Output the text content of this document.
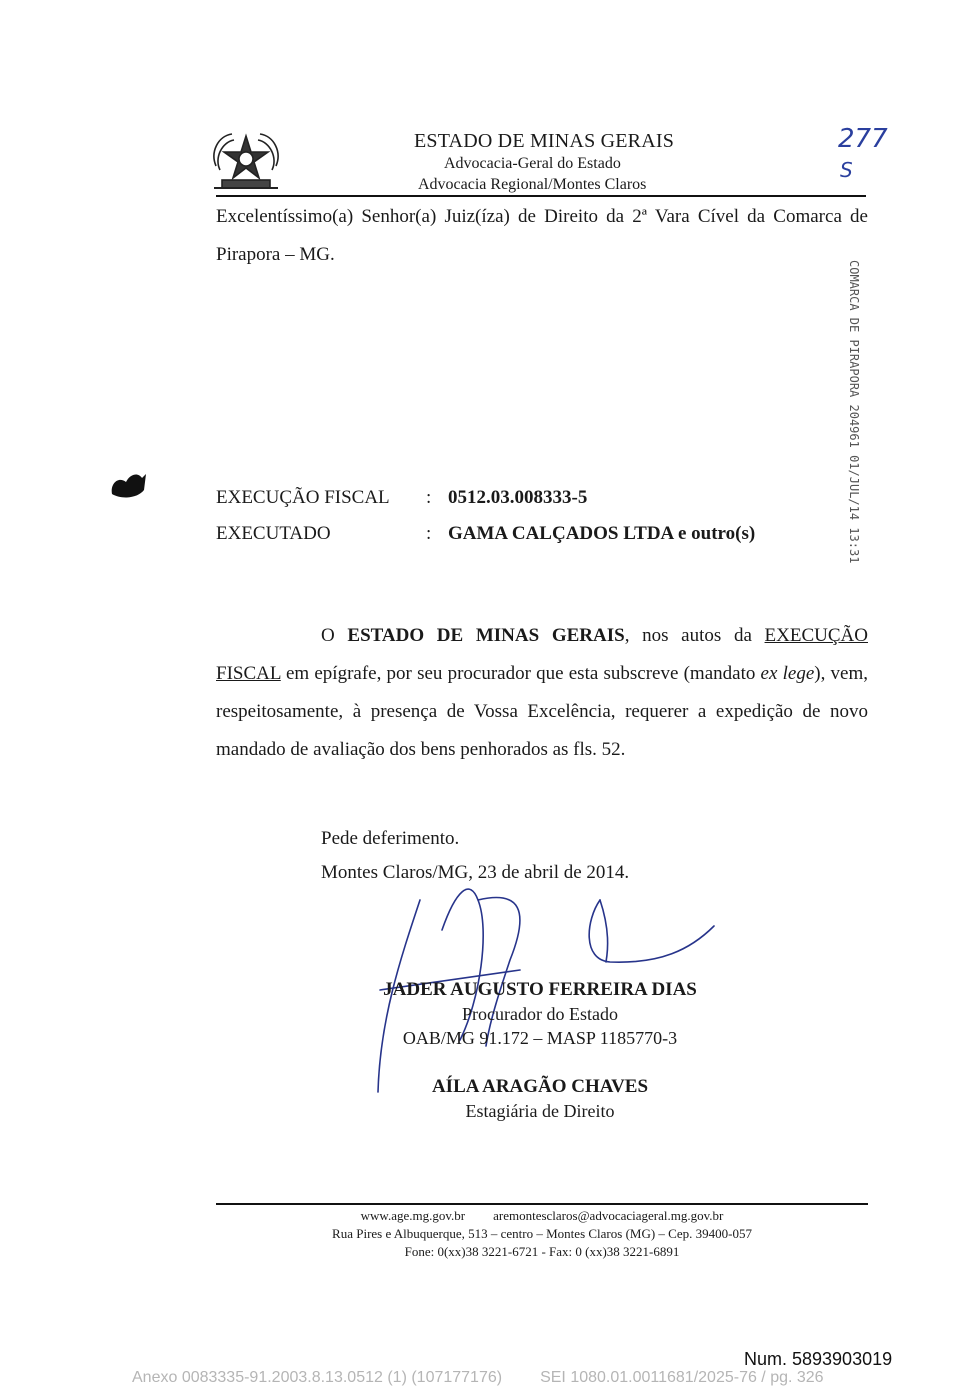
ESTADO DE MINAS GERAIS
Advocacia-Geral do Estado
Advocacia Regional/Montes Claros
277
S
Excelentíssimo(a) Senhor(a) Juiz(íza) de Direito da 2ª Vara Cível da Comarca de Pirapora – MG.
EXECUÇÃO FISCAL : 0512.03.008333-5
EXECUTADO	: GAMA CALÇADOS LTDA e outro(s)
O ESTADO DE MINAS GERAIS, nos autos da EXECUÇÃO FISCAL em epígrafe, por seu procurador que esta subscreve (mandato ex lege), vem, respeitosamente, à presença de Vossa Excelência, requerer a expedição de novo mandado de avaliação dos bens penhorados as fls. 52.
Pede deferimento.
Montes Claros/MG, 23 de abril de 2014.
JADER AUGUSTO FERREIRA DIAS
Procurador do Estado
OAB/MG 91.172 – MASP 1185770-3
AÍLA ARAGÃO CHAVES
Estagiária de Direito
COMARCA DE PIRAPORA 204961 01/JUL/14 13:31
www.age.mg.gov.br aremontesclaros@advocaciageral.mg.gov.br
Rua Pires e Albuquerque, 513 – centro – Montes Claros (MG) – Cep. 39400-057
Fone: 0(xx)38 3221-6721 - Fax: 0 (xx)38 3221-6891
Num. 5893903019
Anexo 0083335-91.2003.8.13.0512 (1) (107177176) SEI 1080.01.0011681/2025-76 / pg. 326
